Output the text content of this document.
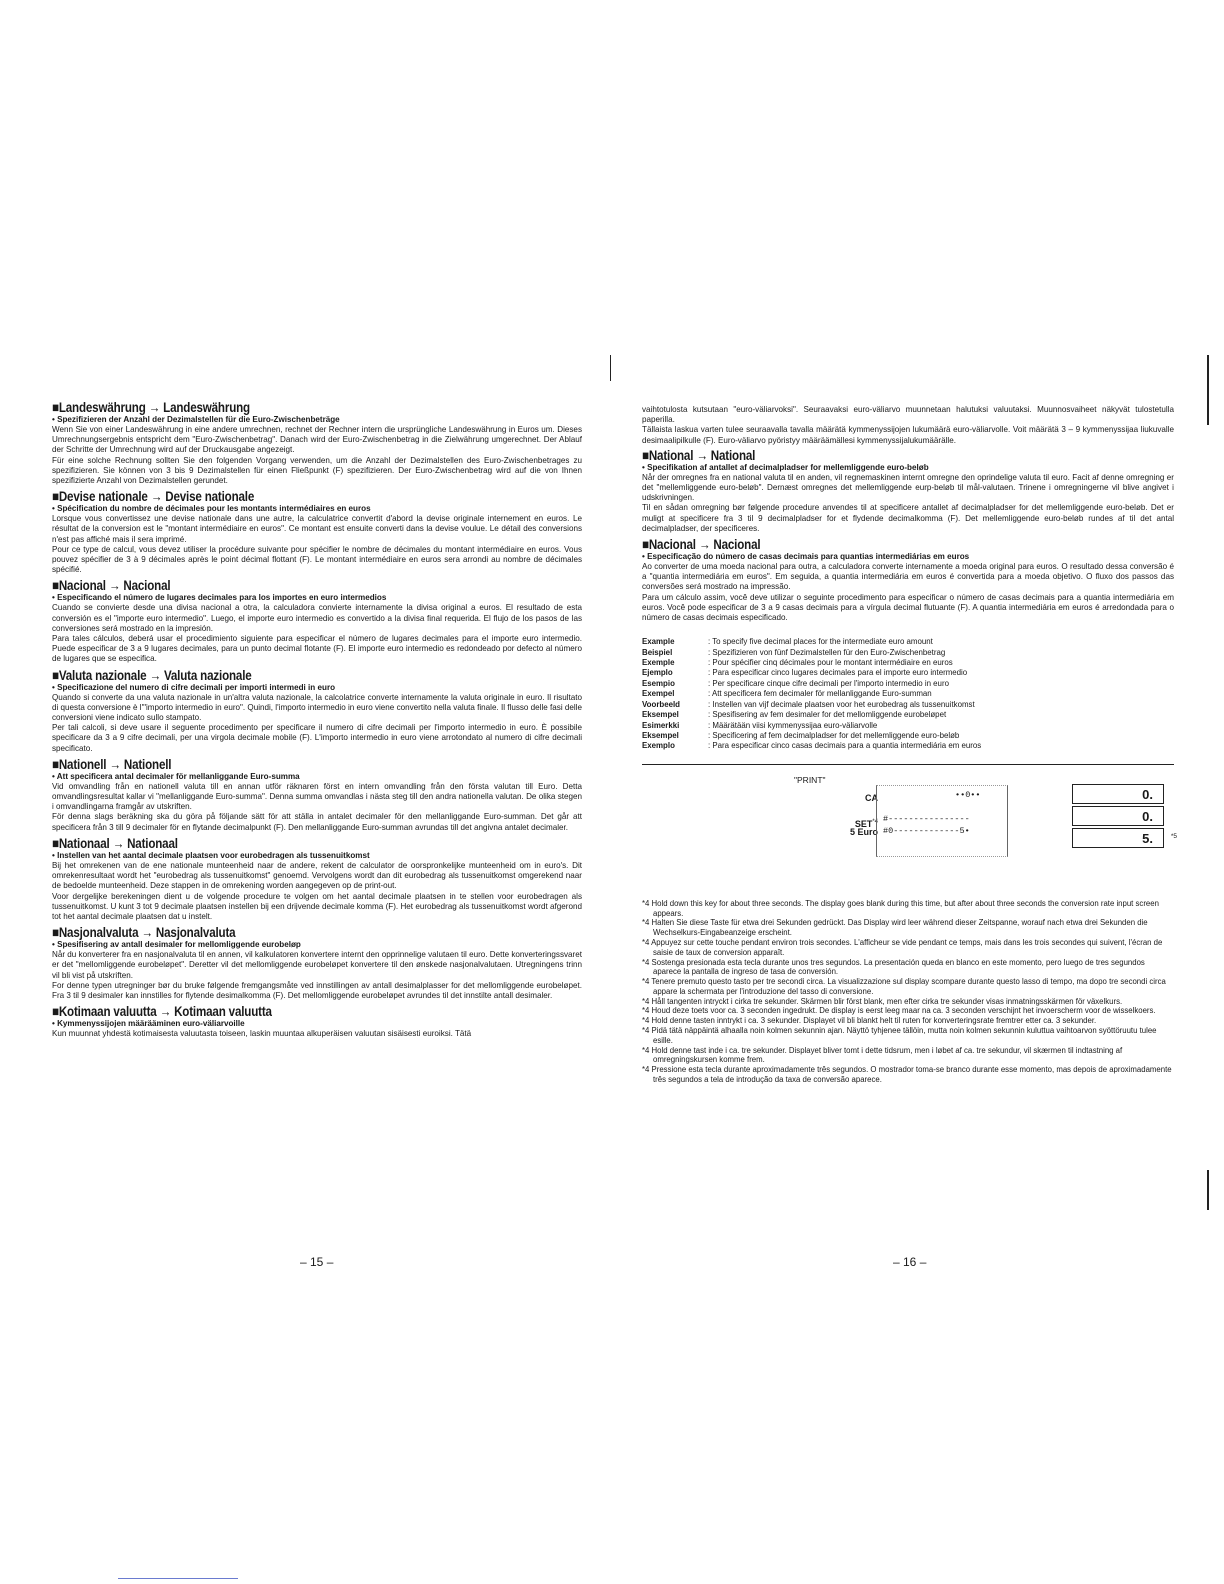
■Landeswährung → Landeswährung
• Spezifizieren der Anzahl der Dezimalstellen für die Euro-Zwischenbeträge
Wenn Sie von einer Landeswährung in eine andere umrechnen, rechnet der Rechner intern die ursprüngliche Landeswährung in Euros um. Dieses Umrechnungsergebnis entspricht dem "Euro-Zwischenbetrag". Danach wird der Euro-Zwischenbetrag in die Zielwährung umgerechnet. Der Ablauf der Schritte der Umrechnung wird auf der Druckausgabe angezeigt.
Für eine solche Rechnung sollten Sie den folgenden Vorgang verwenden, um die Anzahl der Dezimalstellen des Euro-Zwischenbetrages zu spezifizieren. Sie können von 3 bis 9 Dezimalstellen für einen Fließpunkt (F) spezifizieren. Der Euro-Zwischenbetrag wird auf die von Ihnen spezifizierte Anzahl von Dezimalstellen gerundet.
■Devise nationale → Devise nationale
• Spécification du nombre de décimales pour les montants intermédiaires en euros
Lorsque vous convertissez une devise nationale dans une autre, la calculatrice convertit d'abord la devise originale internement en euros. Le résultat de la conversion est le "montant intermédiaire en euros". Ce montant est ensuite converti dans la devise voulue. Le détail des conversions n'est pas affiché mais il sera imprimé.
Pour ce type de calcul, vous devez utiliser la procédure suivante pour spécifier le nombre de décimales du montant intermédiaire en euros. Vous pouvez spécifier de 3 à 9 décimales après le point décimal flottant (F). Le montant intermédiaire en euros sera arrondi au nombre de décimales spécifié.
■Nacional → Nacional
• Especificando el número de lugares decimales para los importes en euro intermedios
Cuando se convierte desde una divisa nacional a otra, la calculadora convierte internamente la divisa original a euros. El resultado de esta conversión es el "importe euro intermedio". Luego, el importe euro intermedio es convertido a la divisa final requerida. El flujo de los pasos de las conversiones será mostrado en la impresión.
Para tales cálculos, deberá usar el procedimiento siguiente para especificar el número de lugares decimales para el importe euro intermedio. Puede especificar de 3 a 9 lugares decimales, para un punto decimal flotante (F). El importe euro intermedio es redondeado por defecto al número de lugares que se especifica.
■Valuta nazionale → Valuta nazionale
• Specificazione del numero di cifre decimali per importi intermedi in euro
Quando si converte da una valuta nazionale in un'altra valuta nazionale, la calcolatrice converte internamente la valuta originale in euro. Il risultato di questa conversione è l'"importo intermedio in euro". Quindi, l'importo intermedio in euro viene convertito nella valuta finale. Il flusso delle fasi delle conversioni viene indicato sullo stampato.
Per tali calcoli, si deve usare il seguente procedimento per specificare il numero di cifre decimali per l'importo intermedio in euro. È possibile specificare da 3 a 9 cifre decimali, per una virgola decimale mobile (F). L'importo intermedio in euro viene arrotondato al numero di cifre decimali specificato.
■Nationell → Nationell
• Att specificera antal decimaler för mellanliggande Euro-summa
Vid omvandling från en nationell valuta till en annan utför räknaren först en intern omvandling från den första valutan till Euro. Detta omvandlingsresultat kallar vi "mellanliggande Euro-summa". Denna summa omvandlas i nästa steg till den andra nationella valutan. De olika stegen i omvandlingarna framgår av utskriften.
För denna slags beräkning ska du göra på följande sätt för att ställa in antalet decimaler för den mellanliggande Euro-summan. Det går att specificera från 3 till 9 decimaler för en flytande decimalpunkt (F). Den mellanliggande Euro-summan avrundas till det angivna antalet decimaler.
■Nationaal → Nationaal
• Instellen van het aantal decimale plaatsen voor eurobedragen als tussenuitkomst
Bij het omrekenen van de ene nationale munteenheid naar de andere, rekent de calculator de oorspronkelijke munteenheid om in euro's. Dit omrekenresultaat wordt het "eurobedrag als tussenuitkomst" genoemd. Vervolgens wordt dan dit eurobedrag als tussenuitkomst omgerekend naar de bedoelde munteenheid. Deze stappen in de omrekening worden aangegeven op de print-out.
Voor dergelijke berekeningen dient u de volgende procedure te volgen om het aantal decimale plaatsen in te stellen voor eurobedragen als tussenuitkomst. U kunt 3 tot 9 decimale plaatsen instellen bij een drijvende decimale komma (F). Het eurobedrag als tussenuitkomst wordt afgerond tot het aantal decimale plaatsen dat u instelt.
■Nasjonalvaluta → Nasjonalvaluta
• Spesifisering av antall desimaler for mellomliggende eurobeløp
Når du konverterer fra en nasjonalvaluta til en annen, vil kalkulatoren konvertere internt den opprinnelige valutaen til euro. Dette konverteringssvaret er det "mellomliggende eurobeløpet". Deretter vil det mellomliggende eurobeløpet konvertere til den ønskede nasjonalvalutaen. Utregningens trinn vil bli vist på utskriften.
For denne typen utregninger bør du bruke følgende fremgangsmåte ved innstillingen av antall desimalplasser for det mellomliggende eurobeløpet. Fra 3 til 9 desimaler kan innstilles for flytende desimalkomma (F). Det mellomliggende eurobeløpet avrundes til det innstilte antall desimaler.
■Kotimaan valuutta → Kotimaan valuutta
• Kymmenyssijojen määrääminen euro-väliarvoille
Kun muunnat yhdestä kotimaisesta valuutasta toiseen, laskin muuntaa alkuperäisen valuutan sisäisesti euroiksi. Tätä
vaihtotulosta kutsutaan "euro-väliarvoksi". Seuraavaksi euro-väliarvo muunnetaan halutuksi valuutaksi. Muunnosvaiheet näkyvät tulostetulla paperilla.
Tällaista laskua varten tulee seuraavalla tavalla määrätä kymmenyssijojen lukumäärä euro-väliarvolle. Voit määrätä 3 – 9 kymmenyssijaa liukuvalle desimaalipilkulle (F). Euro-väliarvo pyöristyy määräämällesi kymmenyssijalukumäärälle.
■National → National
• Specifikation af antallet af decimalpladser for mellemliggende euro-beløb
Når der omregnes fra en national valuta til en anden, vil regnemaskinen internt omregne den oprindelige valuta til euro. Facit af denne omregning er det "mellemliggende euro-beløb". Dernæst omregnes det mellemliggende eurp-beløb til mål-valutaen. Trinene i omregningerne vil blive angivet i udskrivningen.
Til en sådan omregning bør følgende procedure anvendes til at specificere antallet af decimalpladser for det mellemliggende euro-beløb. Det er muligt at specificere fra 3 til 9 decimalpladser for et flydende decimalkomma (F). Det mellemliggende euro-beløb rundes af til det antal decimalpladser, der specificeres.
■Nacional → Nacional
• Especificação do número de casas decimais para quantias intermediárias em euros
Ao converter de uma moeda nacional para outra, a calculadora converte internamente a moeda original para euros. O resultado dessa conversão é a "quantia intermediária em euros". Em seguida, a quantia intermediária em euros é convertida para a moeda objetivo. O fluxo dos passos das conversões será mostrado na impressão.
Para um cálculo assim, você deve utilizar o seguinte procedimento para especificar o número de casas decimais para a quantia intermediária em euros. Você pode especificar de 3 a 9 casas decimais para a vírgula decimal flutuante (F). A quantia intermediária em euros é arredondada para o número de casas decimais especificado.
Example	: To specify five decimal places for the intermediate euro amount
Beispiel	: Spezifizieren von fünf Dezimalstellen für den Euro-Zwischenbetrag
Exemple	: Pour spécifier cinq décimales pour le montant intermédiaire en euros
Ejemplo	: Para especificar cinco lugares decimales para el importe euro intermedio
Esempio	: Per specificare cinque cifre decimali per l'importo intermedio in euro
Exempel	: Att specificera fem decimaler för mellanliggande Euro-summan
Voorbeeld	: Instellen van vijf decimale plaatsen voor het eurobedrag als tussenuitkomst
Eksempel	: Spesifisering av fem desimaler for det mellomliggende eurobeløpet
Esimerkki	: Määrätään viisi kymmenyssijaa euro-väliarvolle
Eksempel	: Specificering af fem decimalpladser for det mellemliggende euro-beløb
Exemplo	: Para especificar cinco casas decimais para a quantia intermediária em euros
"PRINT"
CA
SET$^{*4}$
5 Euro
••0••
#----------------
#0-------------5•
0.
0.
5.	*5
*4 Hold down this key for about three seconds. The display goes blank during this time, but after about three seconds the conversion rate input screen appears.
*4 Halten Sie diese Taste für etwa drei Sekunden gedrückt. Das Display wird leer während dieser Zeitspanne, worauf nach etwa drei Sekunden die Wechselkurs-Eingabeanzeige erscheint.
*4 Appuyez sur cette touche pendant environ trois secondes. L'afficheur se vide pendant ce temps, mais dans les trois secondes qui suivent, l'écran de saisie de taux de conversion apparaît.
*4 Sostenga presionada esta tecla durante unos tres segundos. La presentación queda en blanco en este momento, pero luego de tres segundos aparece la pantalla de ingreso de tasa de conversión.
*4 Tenere premuto questo tasto per tre secondi circa. La visualizzazione sul display scompare durante questo lasso di tempo, ma dopo tre secondi circa appare la schermata per l'introduzione del tasso di conversione.
*4 Håll tangenten intryckt i cirka tre sekunder. Skärmen blir först blank, men efter cirka tre sekunder visas inmatningsskärmen för växelkurs.
*4 Houd deze toets voor ca. 3 seconden ingedrukt. De display is eerst leeg maar na ca. 3 seconden verschijnt het invoerscherm voor de wisselkoers.
*4 Hold denne tasten inntrykt i ca. 3 sekunder. Displayet vil bli blankt helt til ruten for konverteringsrate fremtrer etter ca. 3 sekunder.
*4 Pidä tätä näppäintä alhaalla noin kolmen sekunnin ajan. Näyttö tyhjenee tällöin, mutta noin kolmen sekunnin kuluttua vaihtoarvon syöttöruutu tulee esille.
*4 Hold denne tast inde i ca. tre sekunder. Displayet bliver tomt i dette tidsrum, men i løbet af ca. tre sekundur, vil skærmen til indtastning af omregningskursen komme frem.
*4 Pressione esta tecla durante aproximadamente três segundos. O mostrador toma-se branco durante esse momento, mas depois de aproximadamente três segundos a tela de introdução da taxa de conversão aparece.
– 15 –	– 16 –
